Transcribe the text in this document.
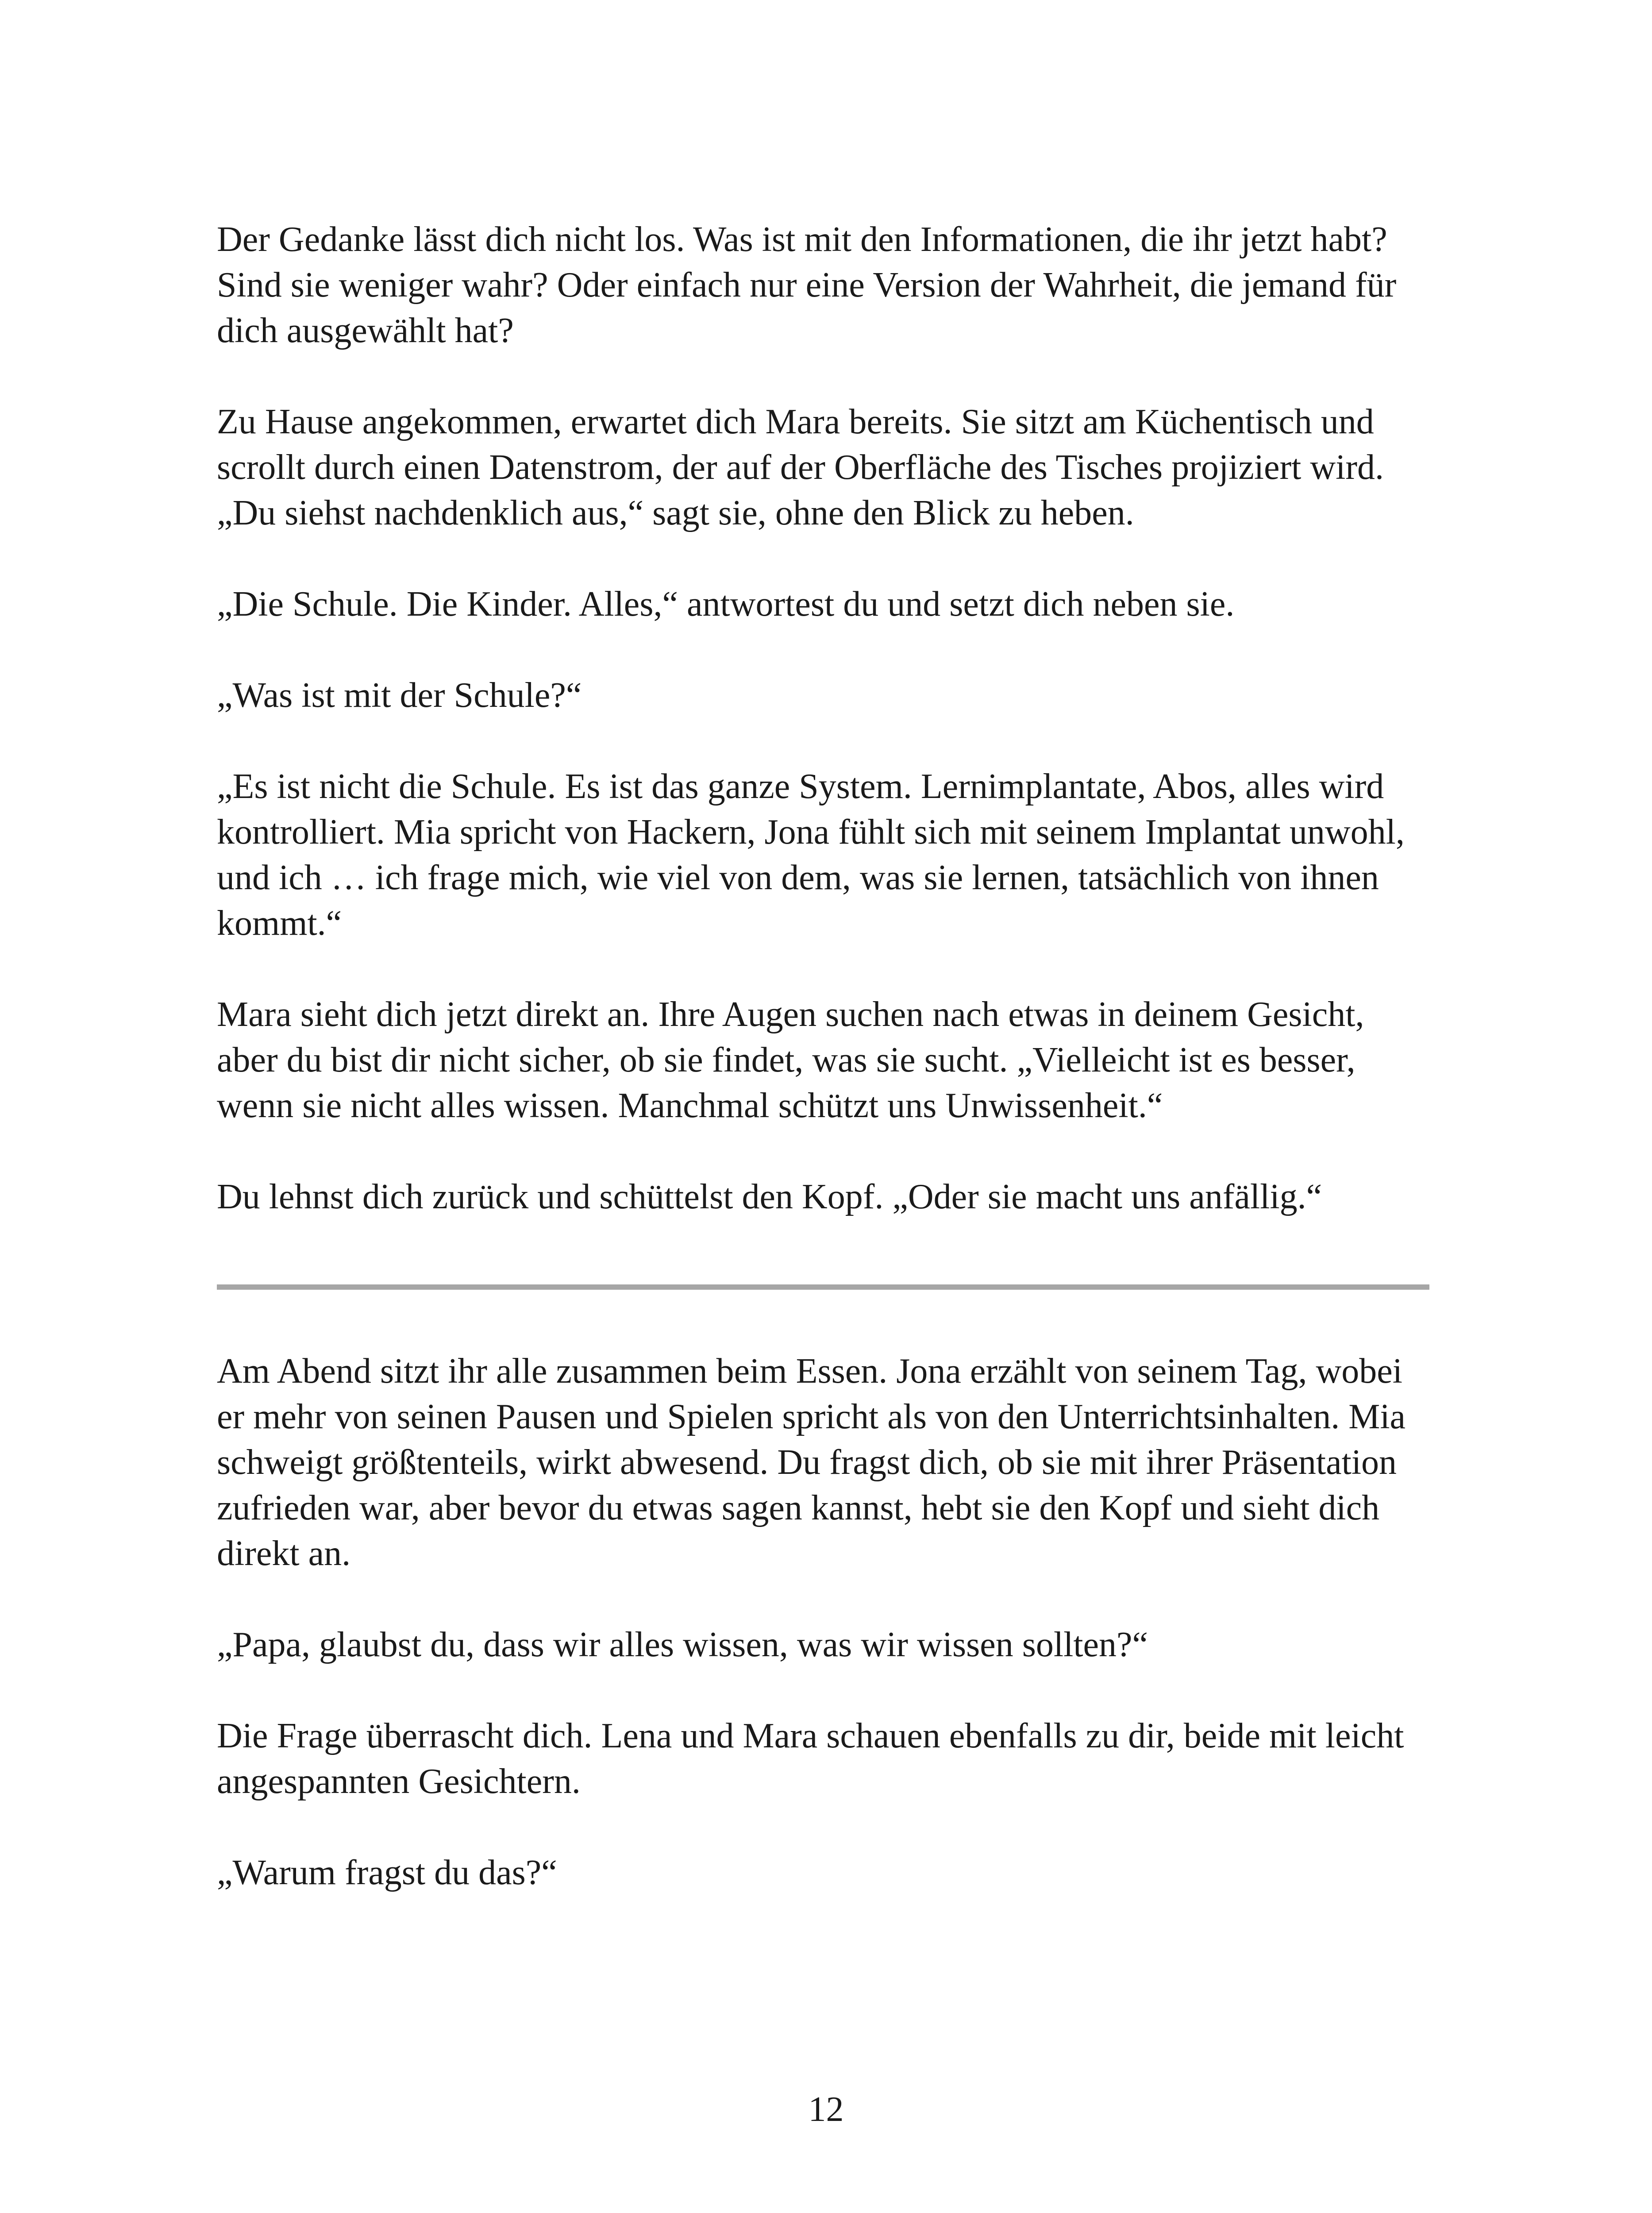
Der Gedanke lässt dich nicht los. Was ist mit den Informationen, die ihr jetzt habt? Sind sie weniger wahr? Oder einfach nur eine Version der Wahrheit, die jemand für dich ausgewählt hat?

Zu Hause angekommen, erwartet dich Mara bereits. Sie sitzt am Küchentisch und scrollt durch einen Datenstrom, der auf der Oberfläche des Tisches projiziert wird. „Du siehst nachdenklich aus,“ sagt sie, ohne den Blick zu heben.

„Die Schule. Die Kinder. Alles,“ antwortest du und setzt dich neben sie.

„Was ist mit der Schule?“

„Es ist nicht die Schule. Es ist das ganze System. Lernimplantate, Abos, alles wird kontrolliert. Mia spricht von Hackern, Jona fühlt sich mit seinem Implantat unwohl, und ich … ich frage mich, wie viel von dem, was sie lernen, tatsächlich von ihnen kommt.“

Mara sieht dich jetzt direkt an. Ihre Augen suchen nach etwas in deinem Gesicht, aber du bist dir nicht sicher, ob sie findet, was sie sucht. „Vielleicht ist es besser, wenn sie nicht alles wissen. Manchmal schützt uns Unwissenheit.“

Du lehnst dich zurück und schüttelst den Kopf. „Oder sie macht uns anfällig.“

Am Abend sitzt ihr alle zusammen beim Essen. Jona erzählt von seinem Tag, wobei er mehr von seinen Pausen und Spielen spricht als von den Unterrichtsinhalten. Mia schweigt größtenteils, wirkt abwesend. Du fragst dich, ob sie mit ihrer Präsentation zufrieden war, aber bevor du etwas sagen kannst, hebt sie den Kopf und sieht dich direkt an.

„Papa, glaubst du, dass wir alles wissen, was wir wissen sollten?“

Die Frage überrascht dich. Lena und Mara schauen ebenfalls zu dir, beide mit leicht angespannten Gesichtern.

„Warum fragst du das?“

12
